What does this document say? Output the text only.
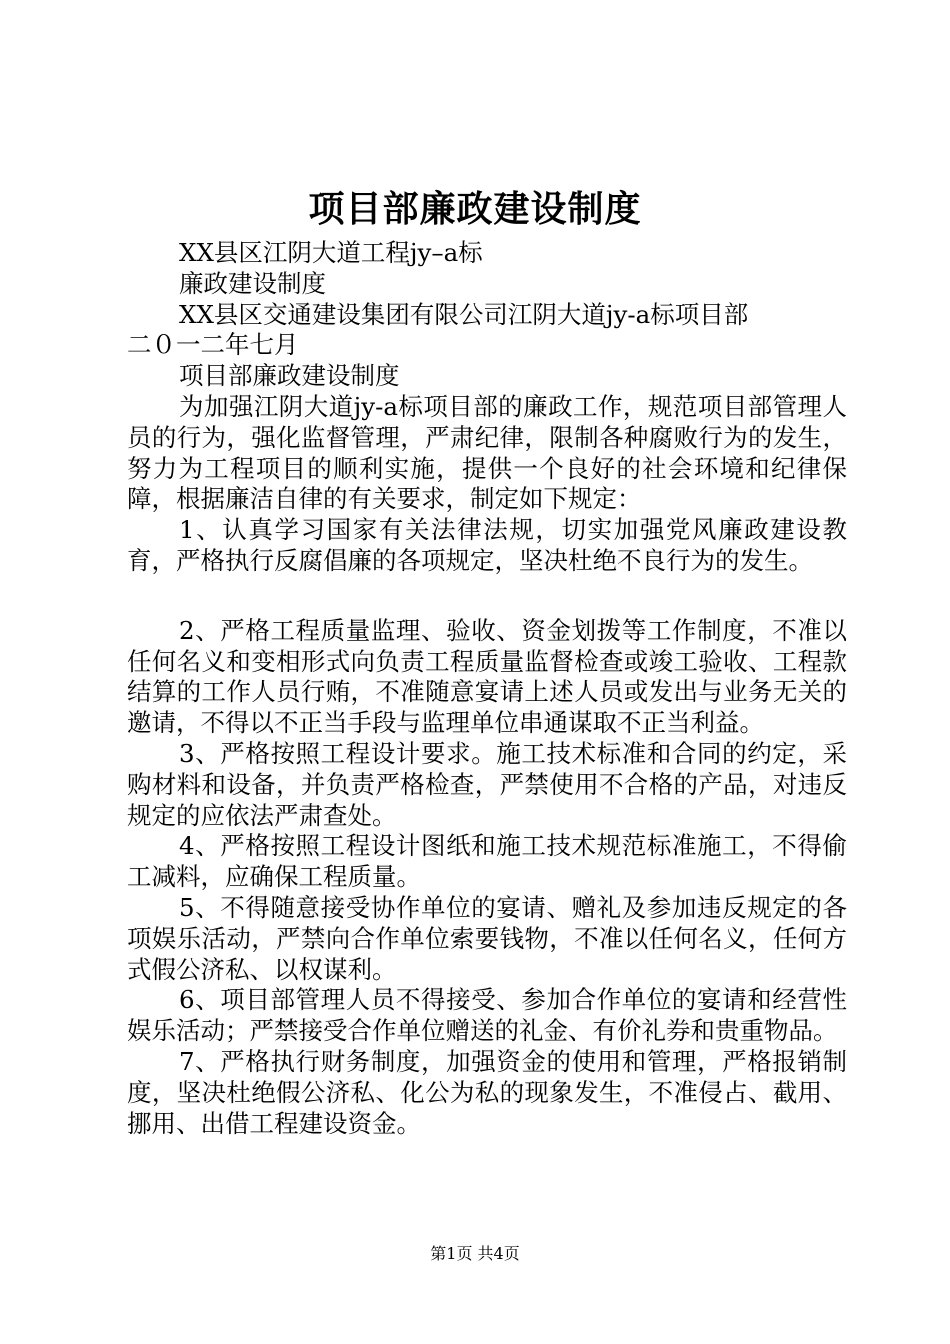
项目部廉政建设制度

XX县区江阴大道工程jy–a标

廉政建设制度

XX县区交通建设集团有限公司江阴大道jy-a标项目部

二０一二年七月

项目部廉政建设制度

为加强江阴大道jy-a标项目部的廉政工作，规范项目部管理人员的行为，强化监督管理，严肃纪律，限制各种腐败行为的发生，努力为工程项目的顺利实施，提供一个良好的社会环境和纪律保障，根据廉洁自律的有关要求，制定如下规定：

1、认真学习国家有关法律法规，切实加强党风廉政建设教育，严格执行反腐倡廉的各项规定，坚决杜绝不良行为的发生。

2、严格工程质量监理、验收、资金划拨等工作制度，不准以任何名义和变相形式向负责工程质量监督检查或竣工验收、工程款结算的工作人员行贿，不准随意宴请上述人员或发出与业务无关的邀请，不得以不正当手段与监理单位串通谋取不正当利益。

3、严格按照工程设计要求。施工技术标准和合同的约定，采购材料和设备，并负责严格检查，严禁使用不合格的产品，对违反规定的应依法严肃查处。

4、严格按照工程设计图纸和施工技术规范标准施工，不得偷工减料，应确保工程质量。

5、不得随意接受协作单位的宴请、赠礼及参加违反规定的各项娱乐活动，严禁向合作单位索要钱物，不准以任何名义，任何方式假公济私、以权谋利。

6、项目部管理人员不得接受、参加合作单位的宴请和经营性娱乐活动；严禁接受合作单位赠送的礼金、有价礼券和贵重物品。

7、严格执行财务制度，加强资金的使用和管理，严格报销制度，坚决杜绝假公济私、化公为私的现象发生，不准侵占、截用、挪用、出借工程建设资金。

第1页 共4页
